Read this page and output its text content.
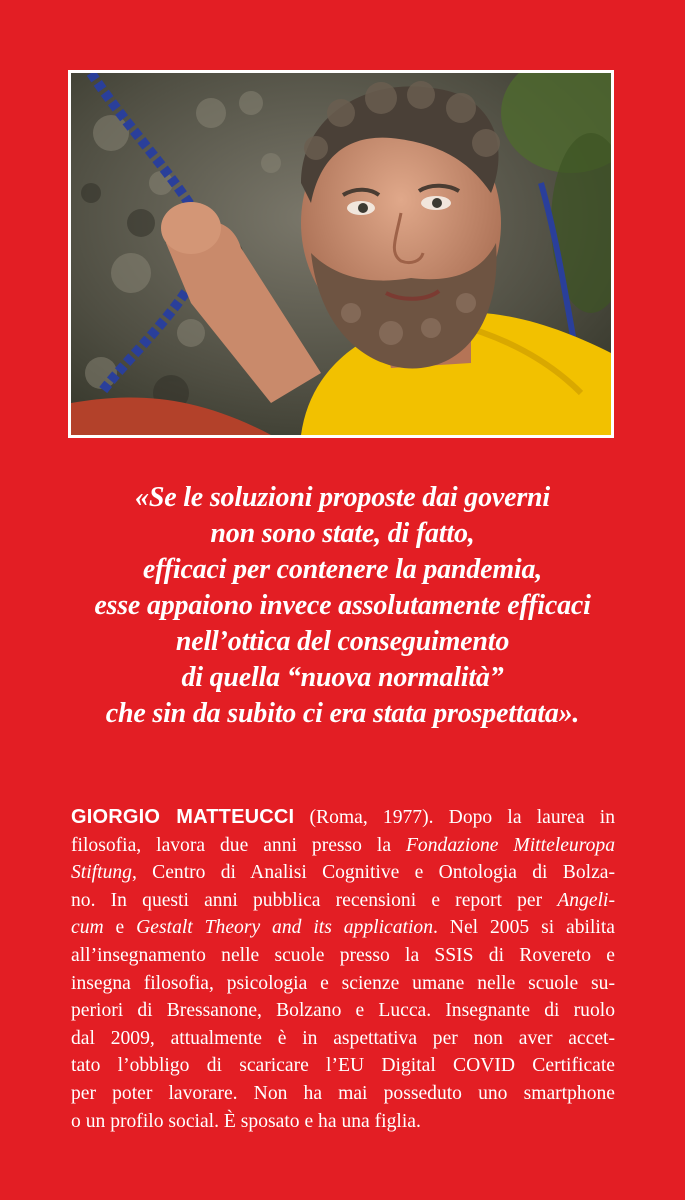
«Se le soluzioni proposte dai governi
non sono state, di fatto,
efficaci per contenere la pandemia,
esse appaiono invece assolutamente efficaci
nell’ottica del conseguimento
di quella “nuova normalità”
che sin da subito ci era stata prospettata».
GIORGIO MATTEUCCI (Roma, 1977). Dopo la laurea in
filosofia, lavora due anni presso la Fondazione Mitteleuropa
Stiftung, Centro di Analisi Cognitive e Ontologia di Bolza-
no. In questi anni pubblica recensioni e report per Angeli-
cum e Gestalt Theory and its application. Nel 2005 si abilita
all’insegnamento nelle scuole presso la SSIS di Rovereto e
insegna filosofia, psicologia e scienze umane nelle scuole su-
periori di Bressanone, Bolzano e Lucca. Insegnante di ruolo
dal 2009, attualmente è in aspettativa per non aver accet-
tato l’obbligo di scaricare l’EU Digital COVID Certificate
per poter lavorare. Non ha mai posseduto uno smartphone
o un profilo social. È sposato e ha una figlia.
